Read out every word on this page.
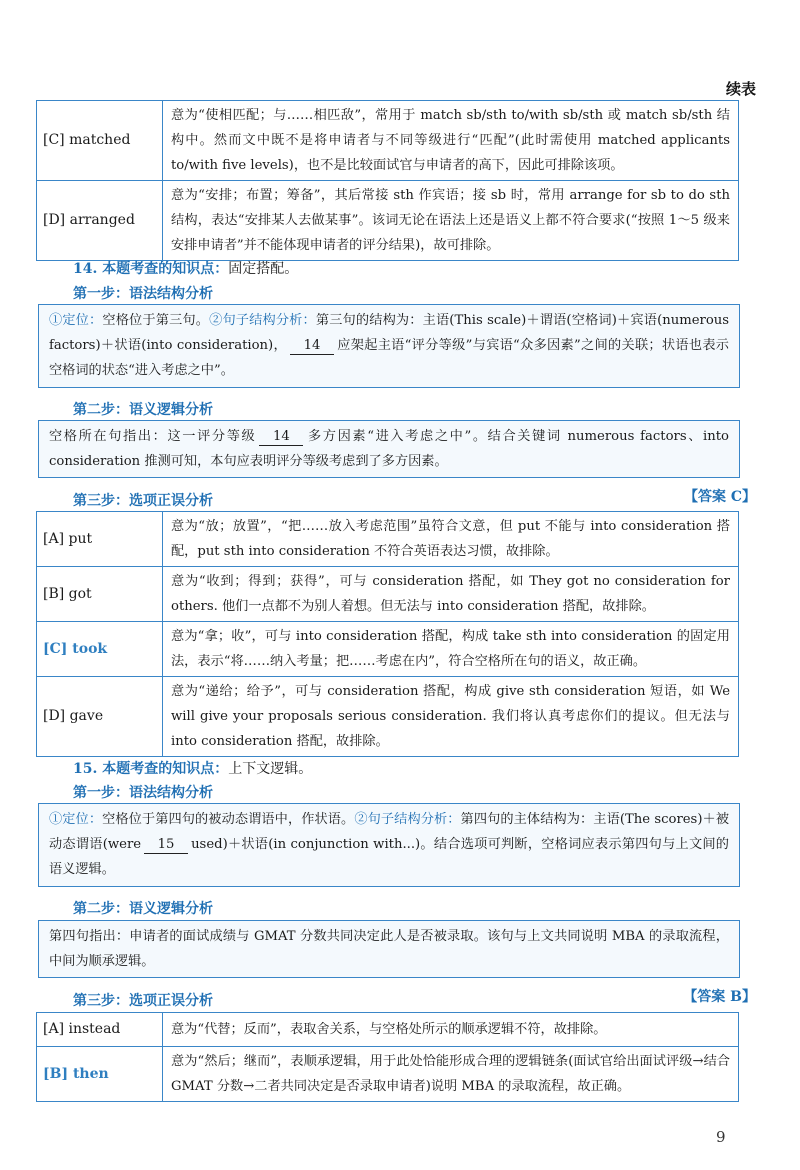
续表
[C] matched	意为“使相匹配；与……相匹敌”，常用于 match sb/sth to/with sb/sth 或 match sb/sth 结构中。然而文中既不是将申请者与不同等级进行“匹配”(此时需使用 matched applicants to/with five levels)，也不是比较面试官与申请者的高下，因此可排除该项。
[D] arranged	意为“安排；布置；筹备”，其后常接 sth 作宾语；接 sb 时，常用 arrange for sb to do sth 结构，表达“安排某人去做某事”。该词无论在语法上还是语义上都不符合要求(“按照 1～5 级来安排申请者”并不能体现申请者的评分结果)，故可排除。
14. 本题考查的知识点：固定搭配。
第一步：语法结构分析
①定位：空格位于第三句。②句子结构分析：第三句的结构为：主语(This scale)＋谓语(空格词)＋宾语(numerous factors)＋状语(into consideration)， 14 应架起主语“评分等级”与宾语“众多因素”之间的关联；状语也表示空格词的状态“进入考虑之中”。
第二步：语义逻辑分析
空格所在句指出：这一评分等级 14 多方因素“进入考虑之中”。结合关键词 numerous factors、into consideration 推测可知，本句应表明评分等级考虑到了多方因素。
第三步：选项正误分析	【答案 C】
[A] put	意为“放；放置”，“把……放入考虑范围”虽符合文意，但 put 不能与 into consideration 搭配，put sth into consideration 不符合英语表达习惯，故排除。
[B] got	意为“收到；得到；获得”，可与 consideration 搭配，如 They got no consideration for others. 他们一点都不为别人着想。但无法与 into consideration 搭配，故排除。
[C] took	意为“拿；收”，可与 into consideration 搭配，构成 take sth into consideration 的固定用法，表示“将……纳入考量；把……考虑在内”，符合空格所在句的语义，故正确。
[D] gave	意为“递给；给予”，可与 consideration 搭配，构成 give sth consideration 短语，如 We will give your proposals serious consideration. 我们将认真考虑你们的提议。但无法与 into consideration 搭配，故排除。
15. 本题考查的知识点：上下文逻辑。
第一步：语法结构分析
①定位：空格位于第四句的被动态谓语中，作状语。②句子结构分析：第四句的主体结构为：主语(The scores)＋被动态谓语(were 15 used)＋状语(in conjunction with...)。结合选项可判断，空格词应表示第四句与上文间的语义逻辑。
第二步：语义逻辑分析
第四句指出：申请者的面试成绩与 GMAT 分数共同决定此人是否被录取。该句与上文共同说明 MBA 的录取流程，中间为顺承逻辑。
第三步：选项正误分析	【答案 B】
[A] instead	意为“代替；反而”，表取舍关系，与空格处所示的顺承逻辑不符，故排除。
[B] then	意为“然后；继而”，表顺承逻辑，用于此处恰能形成合理的逻辑链条(面试官给出面试评级→结合 GMAT 分数→二者共同决定是否录取申请者)说明 MBA 的录取流程，故正确。
9
